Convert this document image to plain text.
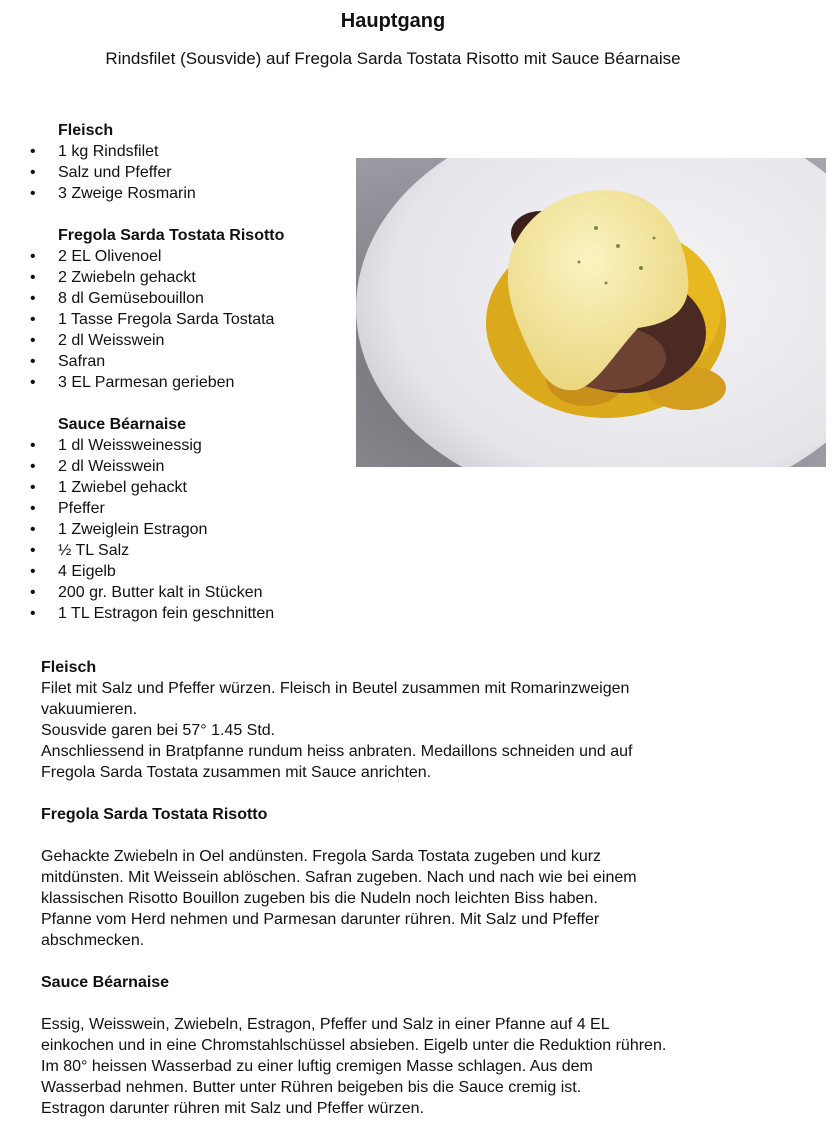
Hauptgang
Rindsfilet (Sousvide) auf Fregola Sarda Tostata Risotto mit Sauce Béarnaise
Fleisch
• 1 kg Rindsfilet
• Salz und Pfeffer
• 3 Zweige Rosmarin
Fregola Sarda Tostata Risotto
• 2 EL Olivenoel
• 2 Zwiebeln gehackt
• 8 dl Gemüsebouillon
• 1 Tasse Fregola Sarda Tostata
• 2 dl Weisswein
• Safran
• 3 EL Parmesan gerieben
Sauce Béarnaise
• 1 dl Weissweinessig
• 2 dl Weisswein
• 1 Zwiebel gehackt
• Pfeffer
• 1 Zweiglein Estragon
• ½ TL Salz
• 4 Eigelb
• 200 gr. Butter kalt in Stücken
• 1 TL Estragon fein geschnitten
Fleisch

Filet mit Salz und Pfeffer würzen. Fleisch in Beutel zusammen mit Romarinzweigen

vakuumieren.

Sousvide garen bei 57° 1.45 Std.

Anschliessend in Bratpfanne rundum heiss anbraten. Medaillons schneiden und auf

Fregola Sarda Tostata zusammen mit Sauce anrichten.

Fregola Sarda Tostata Risotto

Gehackte Zwiebeln in Oel andünsten. Fregola Sarda Tostata zugeben und kurz

mitdünsten. Mit Weissein ablöschen. Safran zugeben. Nach und nach wie bei einem

klassischen Risotto Bouillon zugeben bis die Nudeln noch leichten Biss haben.

Pfanne vom Herd nehmen und Parmesan darunter rühren. Mit Salz und Pfeffer

abschmecken.

Sauce Béarnaise

Essig, Weisswein, Zwiebeln, Estragon, Pfeffer und Salz in einer Pfanne auf 4 EL

einkochen und in eine Chromstahlschüssel absieben. Eigelb unter die Reduktion rühren.

Im 80° heissen Wasserbad zu einer luftig cremigen Masse schlagen. Aus dem

Wasserbad nehmen. Butter unter Rühren beigeben bis die Sauce cremig ist.

Estragon darunter rühren mit Salz und Pfeffer würzen.
